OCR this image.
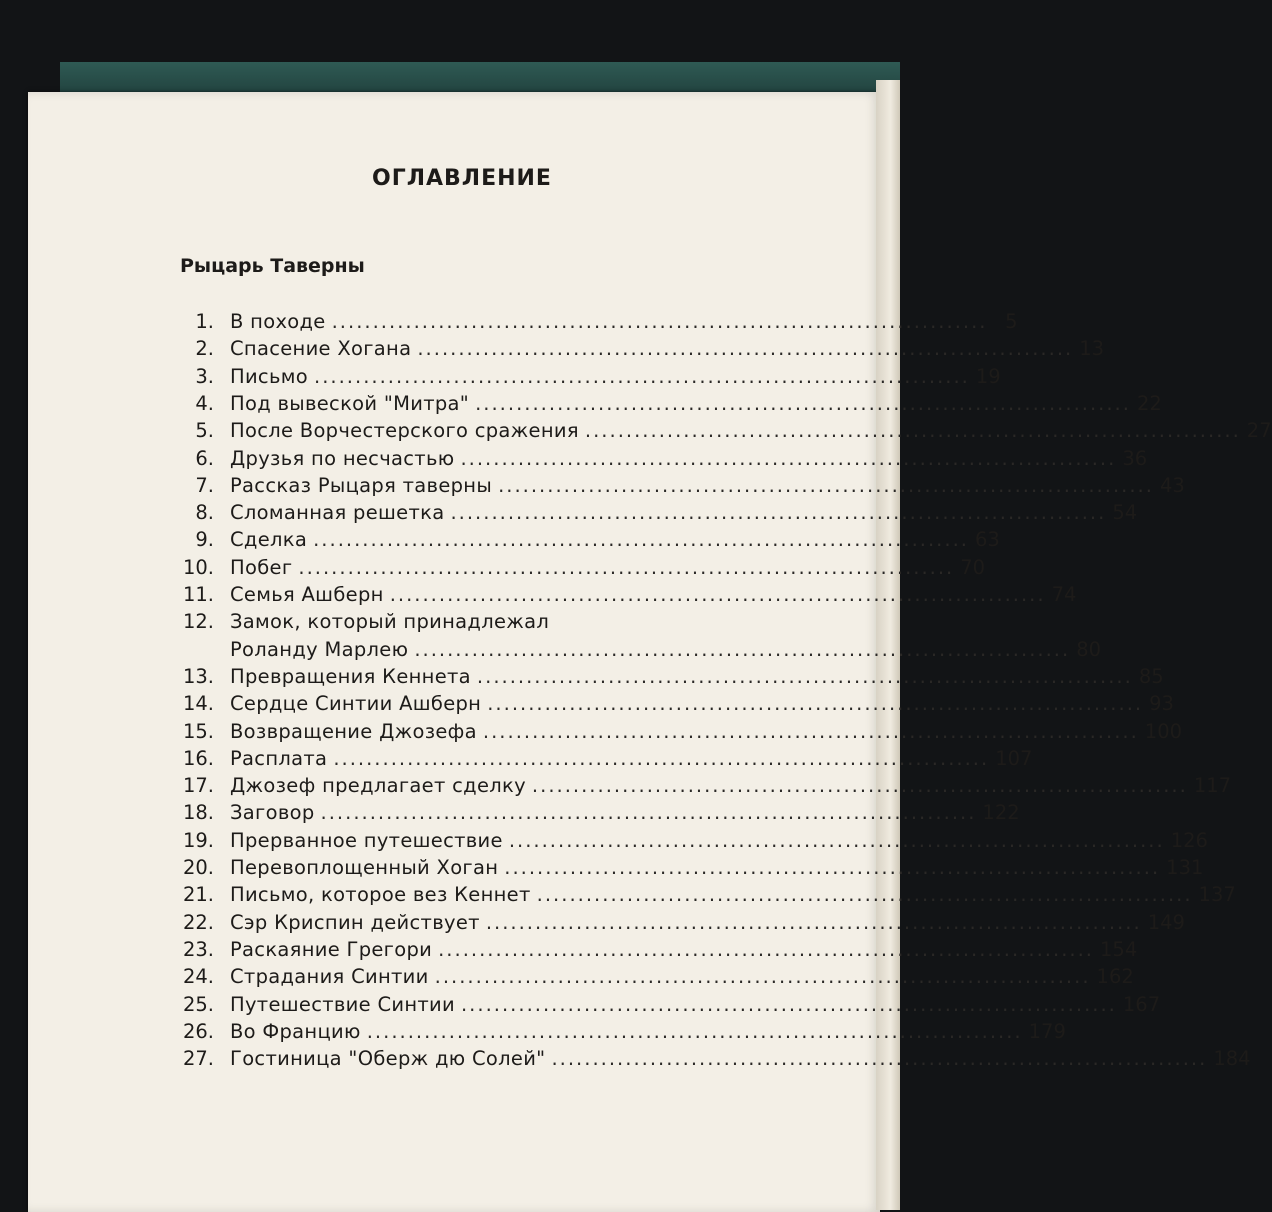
ОГЛАВЛЕНИЕ
Рыцарь Таверны
1. В походе ................................................................................ 5
2. Спасение Хогана ................................................................................ 13
3. Письмо ................................................................................ 19
4. Под вывеской "Митра" ................................................................................ 22
5. После Ворчестерского сражения ................................................................................ 27
6. Друзья по несчастью ................................................................................ 36
7. Рассказ Рыцаря таверны ................................................................................ 43
8. Сломанная решетка ................................................................................ 54
9. Сделка ................................................................................ 63
10. Побег ................................................................................ 70
11. Семья Ашберн ................................................................................ 74
12. Замок, который принадлежал
Роланду Марлею ................................................................................ 80
13. Превращения Кеннета ................................................................................ 85
14. Сердце Синтии Ашберн ................................................................................ 93
15. Возвращение Джозефа ................................................................................ 100
16. Расплата ................................................................................ 107
17. Джозеф предлагает сделку ................................................................................ 117
18. Заговор ................................................................................ 122
19. Прерванное путешествие ................................................................................ 126
20. Перевоплощенный Хоган ................................................................................ 131
21. Письмо, которое вез Кеннет ................................................................................ 137
22. Сэр Криспин действует ................................................................................ 149
23. Раскаяние Грегори ................................................................................ 154
24. Страдания Синтии ................................................................................ 162
25. Путешествие Синтии ................................................................................ 167
26. Во Францию ................................................................................ 179
27. Гостиница "Оберж дю Солей" ................................................................................ 184
